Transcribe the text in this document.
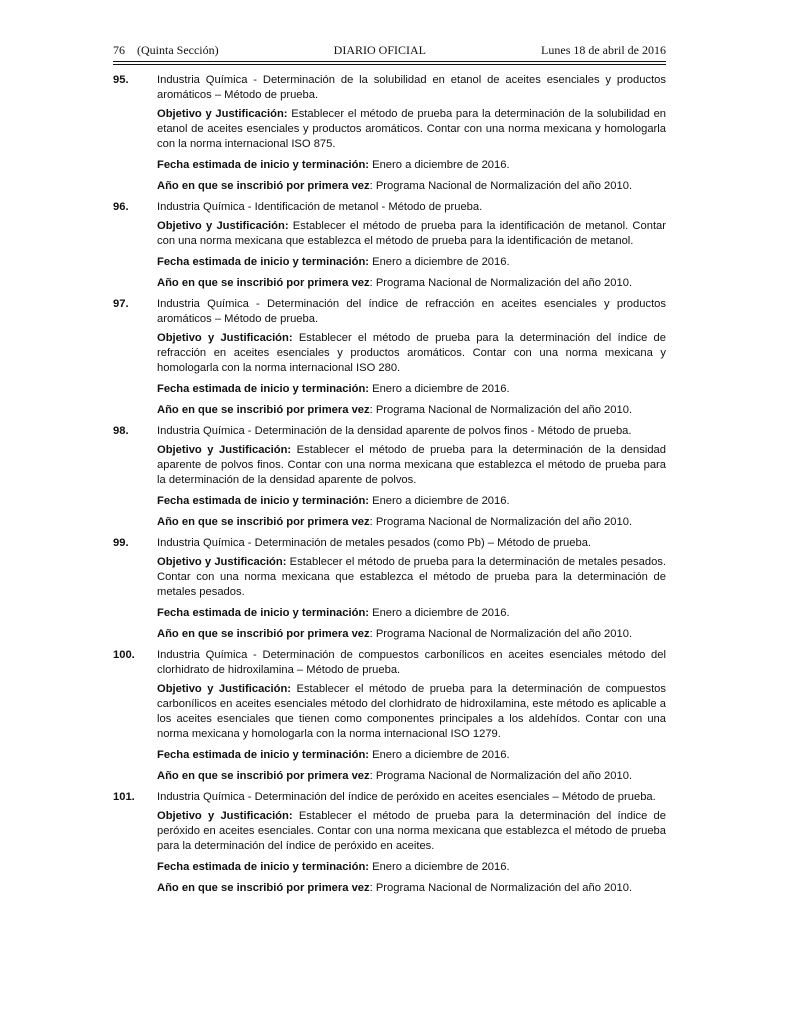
76 (Quinta Sección)	DIARIO OFICIAL	Lunes 18 de abril de 2016
95.	Industria Química - Determinación de la solubilidad en etanol de aceites esenciales y productos aromáticos – Método de prueba.
Objetivo y Justificación: Establecer el método de prueba para la determinación de la solubilidad en etanol de aceites esenciales y productos aromáticos. Contar con una norma mexicana y homologarla con la norma internacional ISO 875.
Fecha estimada de inicio y terminación: Enero a diciembre de 2016.
Año en que se inscribió por primera vez: Programa Nacional de Normalización del año 2010.
96.	Industria Química - Identificación de metanol - Método de prueba.
Objetivo y Justificación: Establecer el método de prueba para la identificación de metanol. Contar con una norma mexicana que establezca el método de prueba para la identificación de metanol.
Fecha estimada de inicio y terminación: Enero a diciembre de 2016.
Año en que se inscribió por primera vez: Programa Nacional de Normalización del año 2010.
97.	Industria Química - Determinación del índice de refracción en aceites esenciales y productos aromáticos – Método de prueba.
Objetivo y Justificación: Establecer el método de prueba para la determinación del índice de refracción en aceites esenciales y productos aromáticos. Contar con una norma mexicana y homologarla con la norma internacional ISO 280.
Fecha estimada de inicio y terminación: Enero a diciembre de 2016.
Año en que se inscribió por primera vez: Programa Nacional de Normalización del año 2010.
98.	Industria Química - Determinación de la densidad aparente de polvos finos - Método de prueba.
Objetivo y Justificación: Establecer el método de prueba para la determinación de la densidad aparente de polvos finos. Contar con una norma mexicana que establezca el método de prueba para la determinación de la densidad aparente de polvos.
Fecha estimada de inicio y terminación: Enero a diciembre de 2016.
Año en que se inscribió por primera vez: Programa Nacional de Normalización del año 2010.
99.	Industria Química - Determinación de metales pesados (como Pb) – Método de prueba.
Objetivo y Justificación: Establecer el método de prueba para la determinación de metales pesados. Contar con una norma mexicana que establezca el método de prueba para la determinación de metales pesados.
Fecha estimada de inicio y terminación: Enero a diciembre de 2016.
Año en que se inscribió por primera vez: Programa Nacional de Normalización del año 2010.
100.	Industria Química - Determinación de compuestos carbonílicos en aceites esenciales método del clorhidrato de hidroxilamina – Método de prueba.
Objetivo y Justificación: Establecer el método de prueba para la determinación de compuestos carbonílicos en aceites esenciales método del clorhidrato de hidroxilamina, este método es aplicable a los aceites esenciales que tienen como componentes principales a los aldehídos. Contar con una norma mexicana y homologarla con la norma internacional ISO 1279.
Fecha estimada de inicio y terminación: Enero a diciembre de 2016.
Año en que se inscribió por primera vez: Programa Nacional de Normalización del año 2010.
101.	Industria Química - Determinación del índice de peróxido en aceites esenciales – Método de prueba.
Objetivo y Justificación: Establecer el método de prueba para la determinación del índice de peróxido en aceites esenciales. Contar con una norma mexicana que establezca el método de prueba para la determinación del índice de peróxido en aceites.
Fecha estimada de inicio y terminación: Enero a diciembre de 2016.
Año en que se inscribió por primera vez: Programa Nacional de Normalización del año 2010.
